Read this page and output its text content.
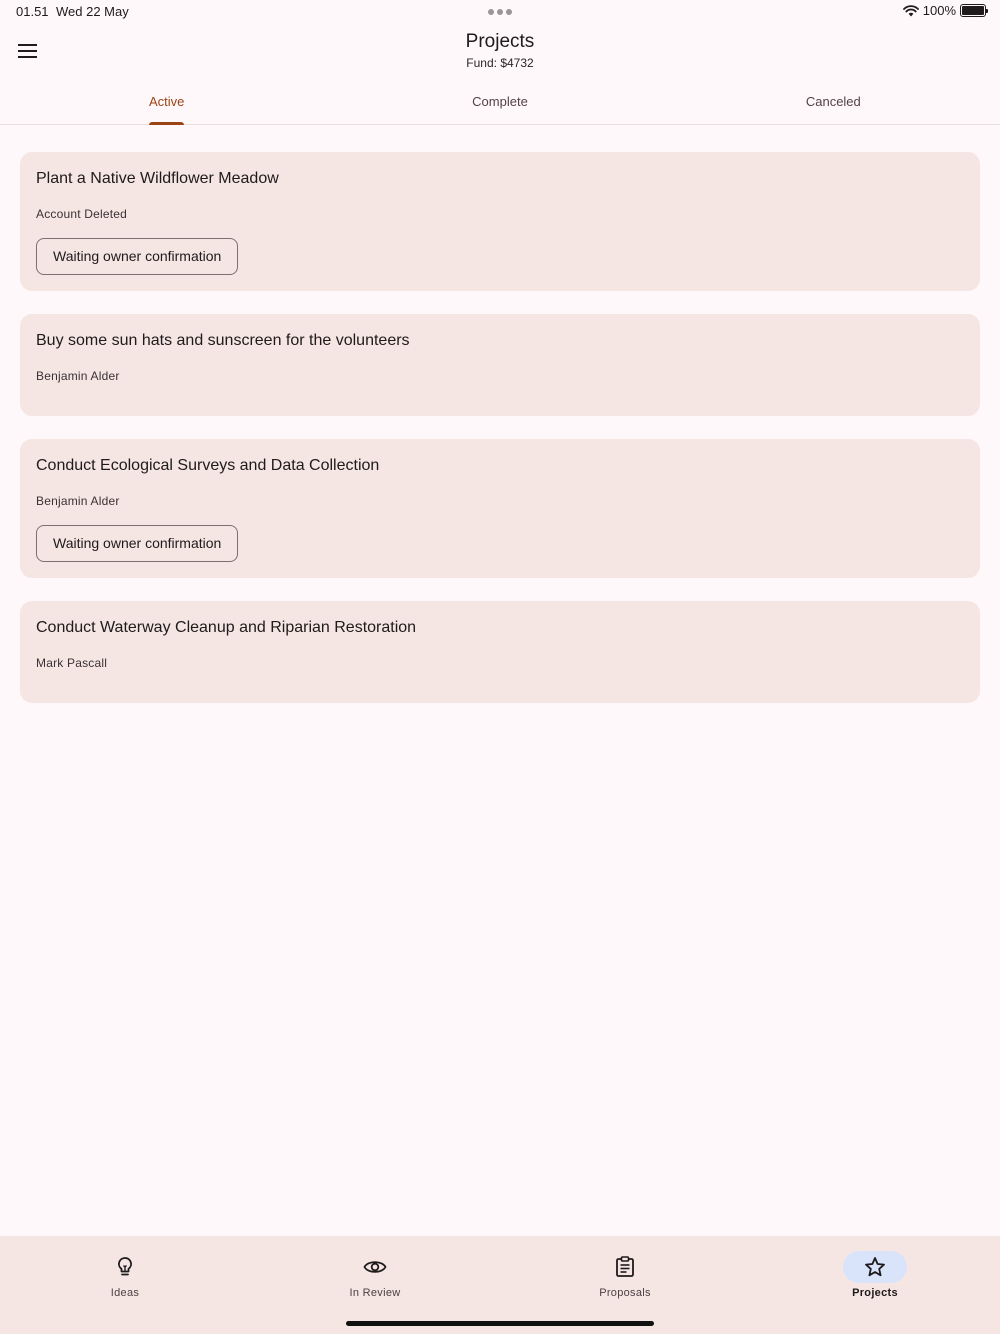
01.51 Wed 22 May	100%
Projects
Fund: $4732
Active	Complete	Canceled
Plant a Native Wildflower Meadow
Account Deleted
Waiting owner confirmation
Buy some sun hats and sunscreen for the volunteers
Benjamin Alder
Conduct Ecological Surveys and Data Collection
Benjamin Alder
Waiting owner confirmation
Conduct Waterway Cleanup and Riparian Restoration
Mark Pascall
Ideas	In Review	Proposals	Projects
